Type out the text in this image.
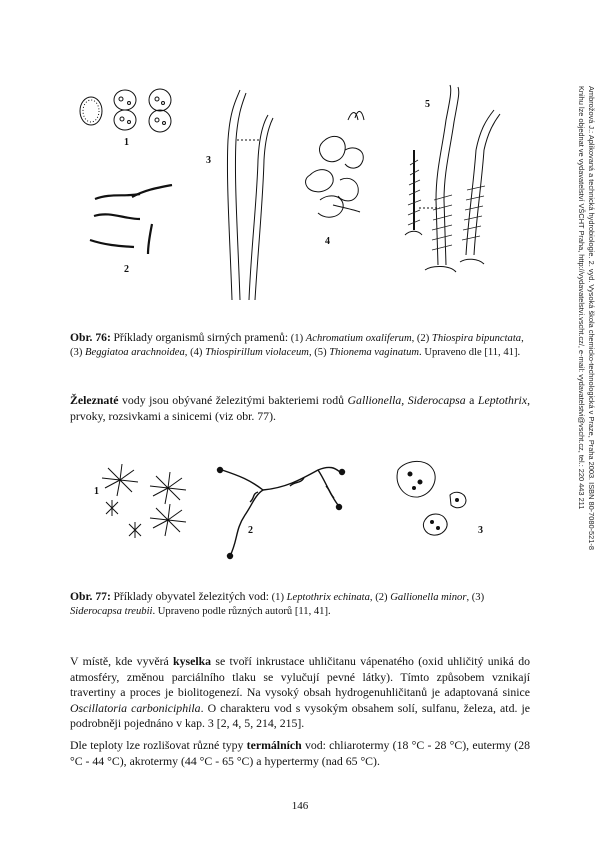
Ambrožová J.: Aplikovaná a technická hydrobiologie. 2. vyd. Vysoká škola chemicko-technologická v Praze, Praha 2003. ISBN 80-7080-521-8
Knihu lze objednat ve vydavatelství VŠCHT Praha, http://vydavatelstvi.vscht.cz/, e-mail: vydavatelstvi@vscht.cz, tel.: 220 443 211
1
2
3
4
5
1
2	3
Obr. 76: Příklady organismů sirných pramenů: (1) Achromatium oxaliferum, (2) Thiospira bipunctata, (3) Beggiatoa arachnoidea, (4) Thiospirillum violaceum, (5) Thionema vaginatum. Upraveno dle [11, 41].
Železnaté vody jsou obývané železitými bakteriemi rodů Gallionella, Siderocapsa a Leptothrix, prvoky, rozsivkami a sinicemi (viz obr. 77).
Obr. 77: Příklady obyvatel železitých vod: (1) Leptothrix echinata, (2) Gallionella minor, (3) Siderocapsa treubii. Upraveno podle různých autorů [11, 41].
V místě, kde vyvěrá kyselka se tvoří inkrustace uhličitanu vápenatého (oxid uhličitý uniká do atmosféry, změnou parciálního tlaku se vylučují pevné látky). Tímto způsobem vznikají travertiny a proces je biolitogenezí. Na vysoký obsah hydrogenuhličitanů je adaptovaná sinice Oscillatoria carboniciphila. O charakteru vod s vysokým obsahem solí, sulfanu, železa, atd. je podrobněji pojednáno v kap. 3 [2, 4, 5, 214, 215].
Dle teploty lze rozlišovat různé typy termálních vod: chliarotermy (18 °C - 28 °C), eutermy (28 °C - 44 °C), akrotermy (44 °C - 65 °C) a hypertermy (nad 65 °C).
146
